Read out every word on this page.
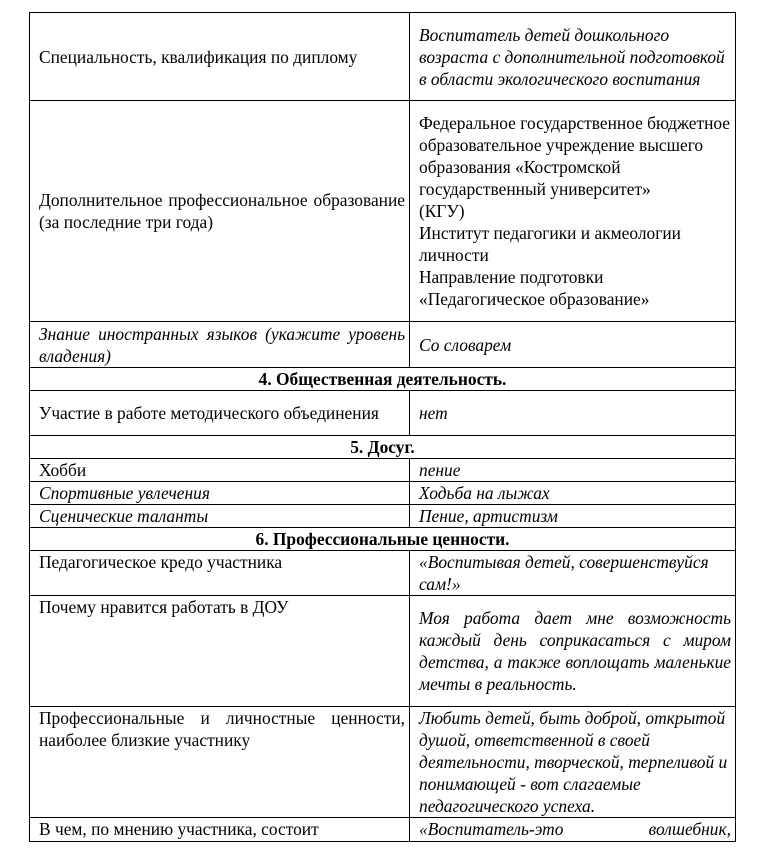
Специальность, квалификация по диплому	Воспитатель детей дошкольного возраста с дополнительной подготовкой в области экологического воспитания
Дополнительное профессиональное образование (за последние три года)	Федеральное государственное бюджетное образовательное учреждение высшего образования «Костромской государственный университет»
(КГУ)
Институт педагогики и акмеологии личности
Направление подготовки «Педагогическое образование»
Знание иностранных языков (укажите уровень владения)	Со словарем
4. Общественная деятельность.	
Участие в работе методического объединения	нет
5. Досуг.	
Хобби	пение
Спортивные увлечения	Ходьба на лыжах
Сценические таланты	Пение, артистизм
6. Профессиональные ценности.	
Педагогическое кредо участника	«Воспитывая детей, совершенствуйся сам!»
Почему нравится работать в ДОУ	Моя работа дает мне возможность каждый день соприкасаться с миром детства, а также воплощать маленькие мечты в реальность.
Профессиональные и личностные ценности, наиболее близкие участнику	Любить детей, быть доброй, открытой душой, ответственной в своей деятельности, творческой, терпеливой и понимающей - вот слагаемые педагогического успеха.
В чем, по мнению участника, состоит	«Воспитатель-это волшебник,
